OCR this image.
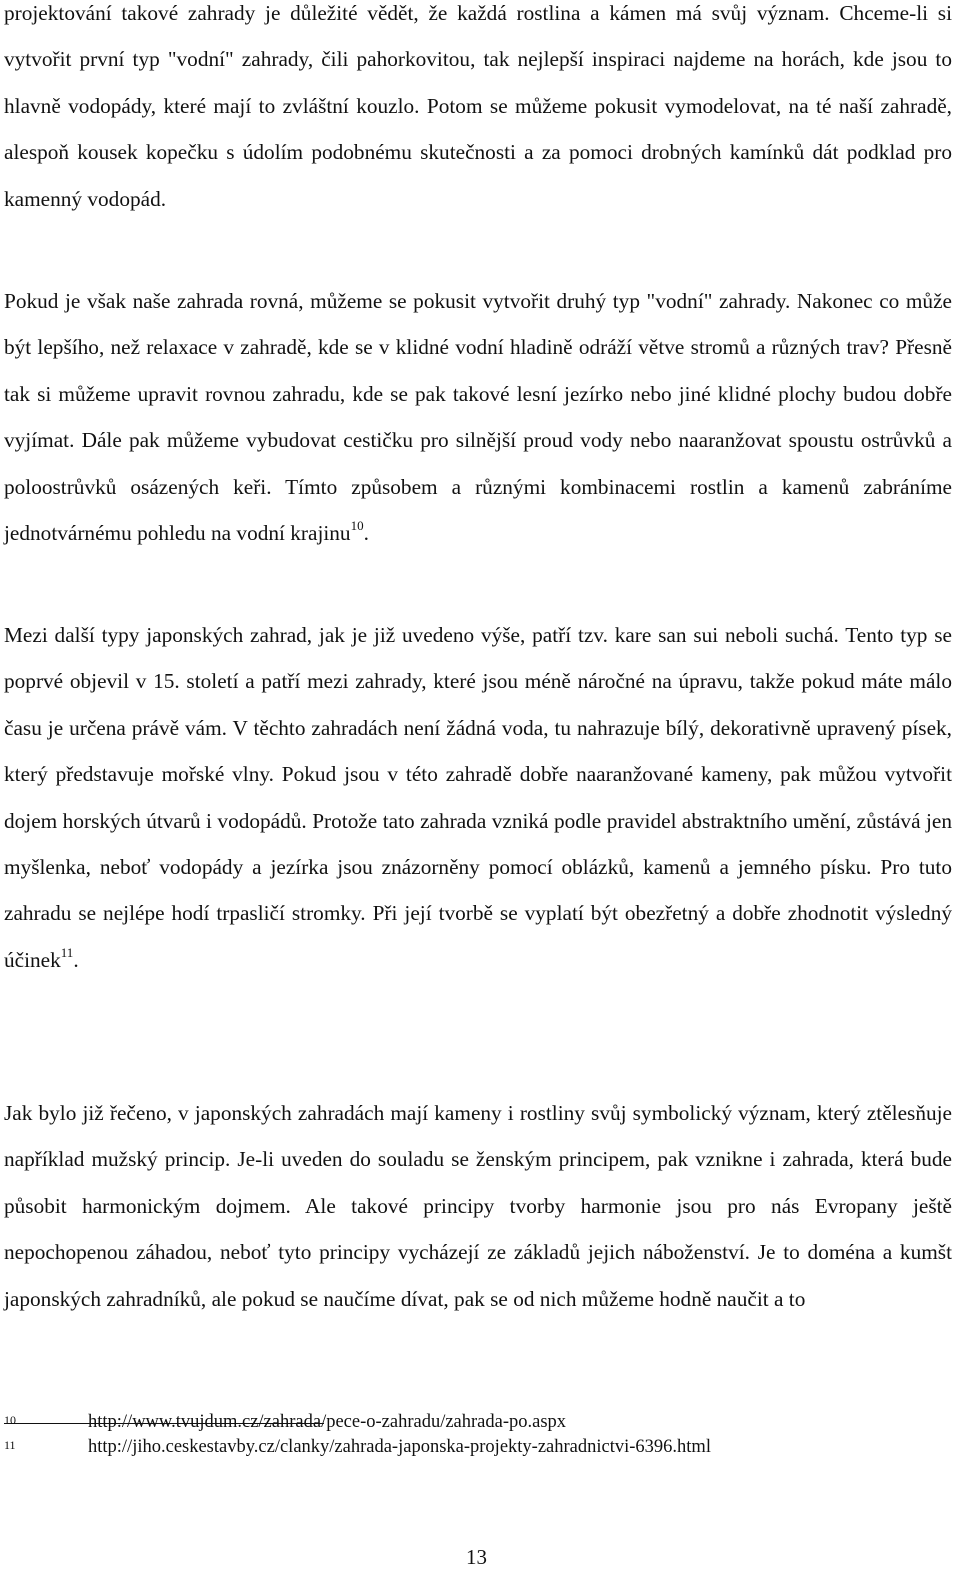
projektování takové zahrady je důležité vědět, že každá rostlina a kámen má svůj význam. Chceme-li si vytvořit první typ "vodní" zahrady, čili pahorkovitou, tak nejlepší inspiraci najdeme na horách, kde jsou to hlavně vodopády, které mají to zvláštní kouzlo. Potom se můžeme pokusit vymodelovat, na té naší zahradě, alespoň kousek kopečku s údolím podobnému skutečnosti a za pomoci drobných kamínků dát podklad pro kamenný vodopád.

Pokud je však naše zahrada rovná, můžeme se pokusit vytvořit druhý typ "vodní" zahrady. Nakonec co může být lepšího, než relaxace v zahradě, kde se v klidné vodní hladině odráží větve stromů a různých trav? Přesně tak si můžeme upravit rovnou zahradu, kde se pak takové lesní jezírko nebo jiné klidné plochy budou dobře vyjímat. Dále pak můžeme vybudovat cestičku pro silnější proud vody nebo naaranžovat spoustu ostrůvků a poloostrůvků osázených keři. Tímto způsobem a různými kombinacemi rostlin a kamenů zabráníme jednotvárnému pohledu na vodní krajinu$^{10}$.

Mezi další typy japonských zahrad, jak je již uvedeno výše, patří tzv. kare san sui neboli suchá. Tento typ se poprvé objevil v 15. století a patří mezi zahrady, které jsou méně náročné na úpravu, takže pokud máte málo času je určena právě vám. V těchto zahradách není žádná voda, tu nahrazuje bílý, dekorativně upravený písek, který představuje mořské vlny. Pokud jsou v této zahradě dobře naaranžované kameny, pak můžou vytvořit dojem horských útvarů i vodopádů. Protože tato zahrada vzniká podle pravidel abstraktního umění, zůstává jen myšlenka, neboť vodopády a jezírka jsou znázorněny pomocí oblázků, kamenů a jemného písku. Pro tuto zahradu se nejlépe hodí trpasličí stromky. Při její tvorbě se vyplatí být obezřetný a dobře zhodnotit výsledný účinek$^{11}$.

Jak bylo již řečeno, v japonských zahradách mají kameny i rostliny svůj symbolický význam, který ztělesňuje například mužský princip. Je-li uveden do souladu se ženským principem, pak vznikne i zahrada, která bude působit harmonickým dojmem. Ale takové principy tvorby harmonie jsou pro nás Evropany ještě nepochopenou záhadou, neboť tyto principy vycházejí ze základů jejich náboženství. Je to doména a kumšt japonských zahradníků, ale pokud se naučíme dívat, pak se od nich můžeme hodně naučit a to

10	http://www.tvujdum.cz/zahrada/pece-o-zahradu/zahrada-po.aspx
11	http://jiho.ceskestavby.cz/clanky/zahrada-japonska-projekty-zahradnictvi-6396.html
13
